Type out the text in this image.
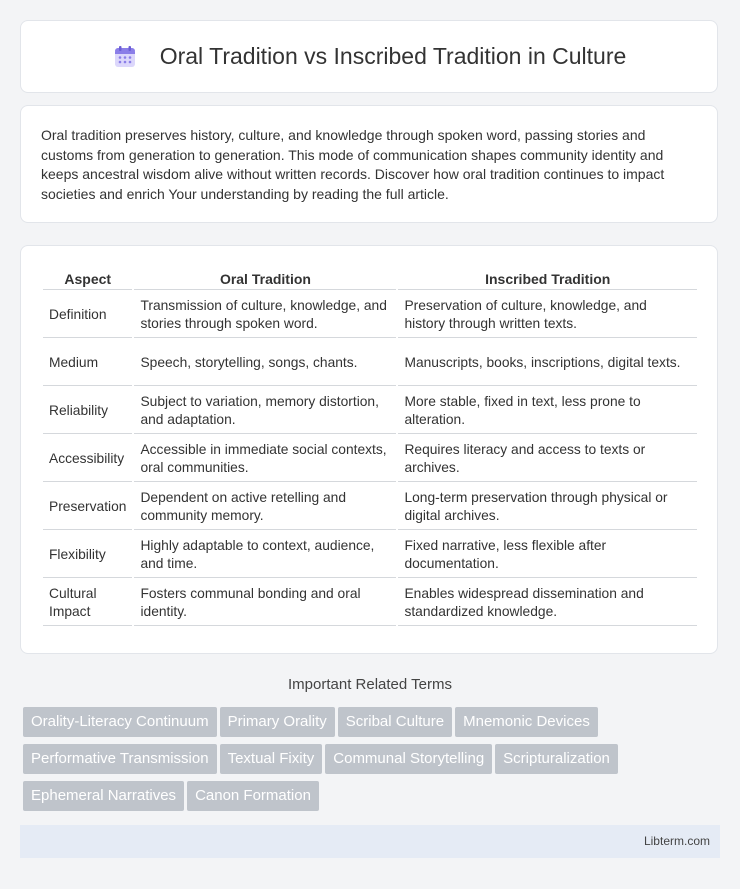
Oral Tradition vs Inscribed Tradition in Culture

Oral tradition preserves history, culture, and knowledge through spoken word, passing stories and customs from generation to generation. This mode of communication shapes community identity and keeps ancestral wisdom alive without written records. Discover how oral tradition continues to impact societies and enrich Your understanding by reading the full article.

Aspect	Oral Tradition	Inscribed Tradition
Definition	Transmission of culture, knowledge, and stories through spoken word.	Preservation of culture, knowledge, and history through written texts.
Medium	Speech, storytelling, songs, chants.	Manuscripts, books, inscriptions, digital texts.
Reliability	Subject to variation, memory distortion, and adaptation.	More stable, fixed in text, less prone to alteration.
Accessibility	Accessible in immediate social contexts, oral communities.	Requires literacy and access to texts or archives.
Preservation	Dependent on active retelling and community memory.	Long-term preservation through physical or digital archives.
Flexibility	Highly adaptable to context, audience, and time.	Fixed narrative, less flexible after documentation.
Cultural Impact	Fosters communal bonding and oral identity.	Enables widespread dissemination and standardized knowledge.
Important Related Terms
Orality-Literacy Continuum Primary Orality Scribal Culture Mnemonic Devices
Performative Transmission Textual Fixity Communal Storytelling Scripturalization
Ephemeral Narratives Canon Formation
Libterm.com
